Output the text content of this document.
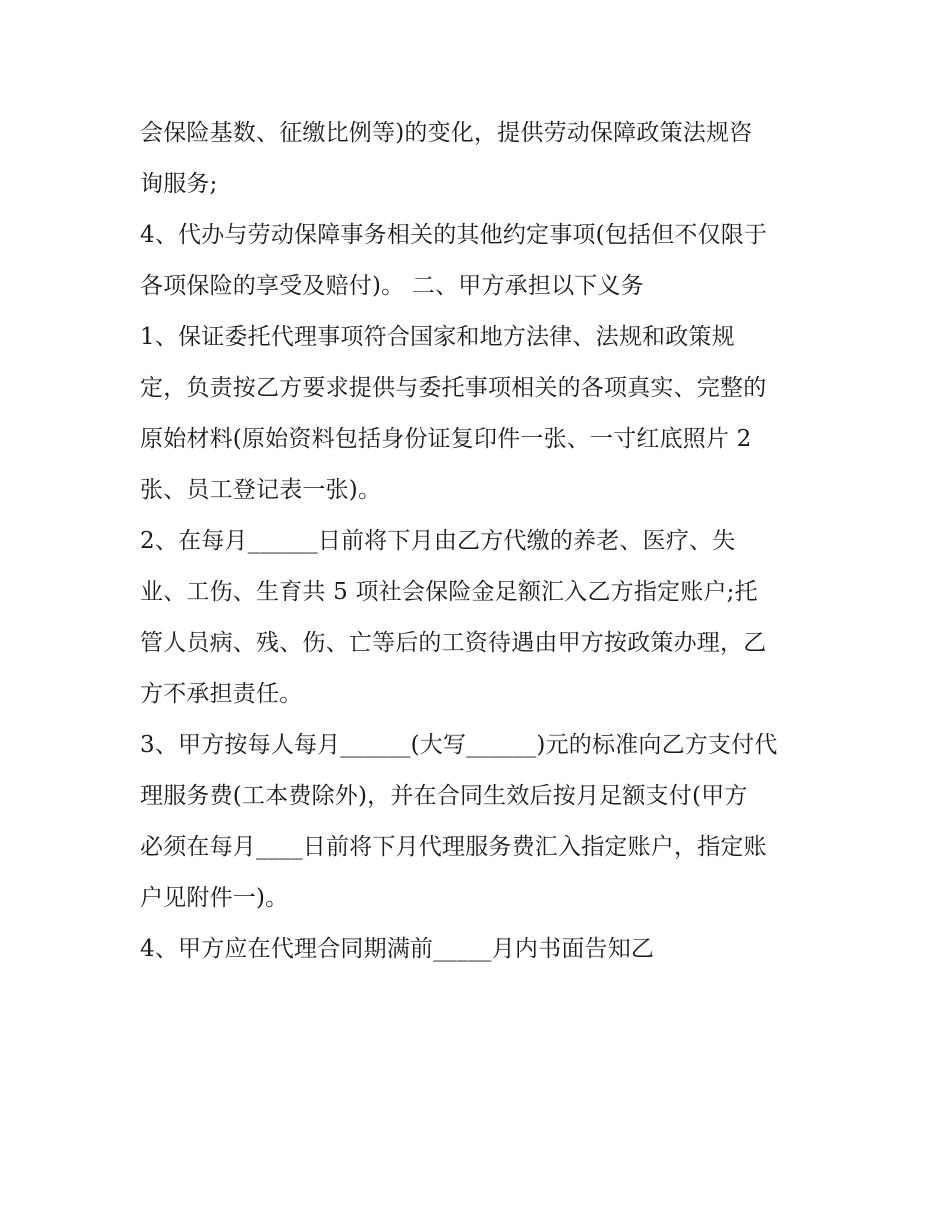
会保险基数、征缴比例等)的变化，提供劳动保障政策法规咨
询服务;
4、代办与劳动保障事务相关的其他约定事项(包括但不仅限于
各项保险的享受及赔付)。 二、甲方承担以下义务
1、保证委托代理事项符合国家和地方法律、法规和政策规
定，负责按乙方要求提供与委托事项相关的各项真实、完整的
原始材料(原始资料包括身份证复印件一张、一寸红底照片 2
张、员工登记表一张)。
2、在每月______日前将下月由乙方代缴的养老、医疗、失
业、工伤、生育共 5 项社会保险金足额汇入乙方指定账户;托
管人员病、残、伤、亡等后的工资待遇由甲方按政策办理，乙
方不承担责任。
3、甲方按每人每月______(大写______)元的标准向乙方支付代
理服务费(工本费除外)，并在合同生效后按月足额支付(甲方
必须在每月____日前将下月代理服务费汇入指定账户，指定账
户见附件一)。
4、甲方应在代理合同期满前_____月内书面告知乙
